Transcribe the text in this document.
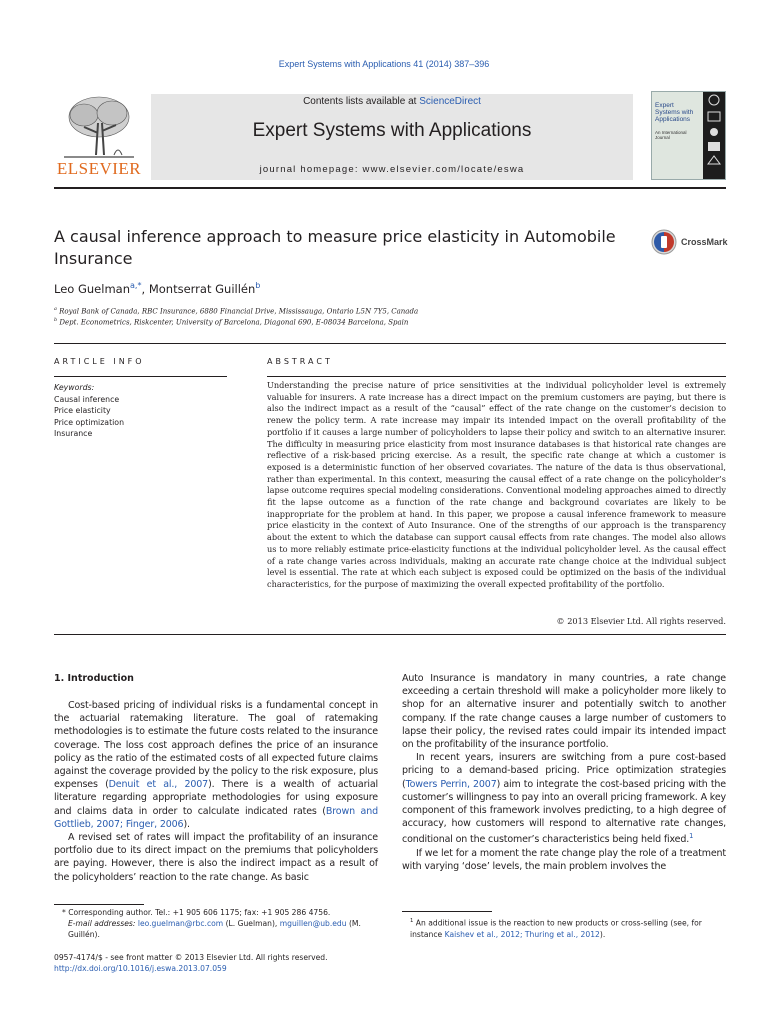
Expert Systems with Applications 41 (2014) 387–396
ELSEVIER
Contents lists available at ScienceDirect
Expert Systems with Applications
journal homepage: www.elsevier.com/locate/eswa
Expert Systems with Applications
An International Journal
A causal inference approach to measure price elasticity in Automobile Insurance
CrossMark
Leo Guelman$^{a,*}$, Montserrat Guillén$^b$
$^a$ Royal Bank of Canada, RBC Insurance, 6880 Financial Drive, Mississauga, Ontario L5N 7Y5, Canada
$^b$ Dept. Econometrics, Riskcenter, University of Barcelona, Diagonal 690, E-08034 Barcelona, Spain
ARTICLE INFO	ABSTRACT
Keywords:
Causal inference
Price elasticity
Price optimization
Insurance
Understanding the precise nature of price sensitivities at the individual policyholder level is extremely valuable for insurers. A rate increase has a direct impact on the premium customers are paying, but there is also the indirect impact as a result of the “causal” effect of the rate change on the customer’s decision to renew the policy term. A rate increase may impair its intended impact on the overall profitability of the portfolio if it causes a large number of policyholders to lapse their policy and switch to an alternative insurer. The difficulty in measuring price elasticity from most insurance databases is that historical rate changes are reflective of a risk-based pricing exercise. As a result, the specific rate change at which a customer is exposed is a deterministic function of her observed covariates. The nature of the data is thus observational, rather than experimental. In this context, measuring the causal effect of a rate change on the policyholder’s lapse outcome requires special modeling considerations. Conventional modeling approaches aimed to directly fit the lapse outcome as a function of the rate change and background covariates are likely to be inappropriate for the problem at hand. In this paper, we propose a causal inference framework to measure price elasticity in the context of Auto Insurance. One of the strengths of our approach is the transparency about the extent to which the database can support causal effects from rate changes. The model also allows us to more reliably estimate price-elasticity functions at the individual policyholder level. As the causal effect of a rate change varies across individuals, making an accurate rate change choice at the individual subject level is essential. The rate at which each subject is exposed could be optimized on the basis of the individual characteristics, for the purpose of maximizing the overall expected profitability of the portfolio.
© 2013 Elsevier Ltd. All rights reserved.
1. Introduction

Cost-based pricing of individual risks is a fundamental concept in the actuarial ratemaking literature. The goal of ratemaking methodologies is to estimate the future costs related to the insurance coverage. The loss cost approach defines the price of an insurance policy as the ratio of the estimated costs of all expected future claims against the coverage provided by the policy to the risk exposure, plus expenses (Denuit et al., 2007). There is a wealth of actuarial literature regarding appropriate methodologies for using exposure and claims data in order to calculate indicated rates (Brown and Gottlieb, 2007; Finger, 2006).

A revised set of rates will impact the profitability of an insurance portfolio due to its direct impact on the premiums that policyholders are paying. However, there is also the indirect impact as a result of the policyholders’ reaction to the rate change. As basic

Auto Insurance is mandatory in many countries, a rate change exceeding a certain threshold will make a policyholder more likely to shop for an alternative insurer and potentially switch to another company. If the rate change causes a large number of customers to lapse their policy, the revised rates could impair its intended impact on the profitability of the insurance portfolio.

In recent years, insurers are switching from a pure cost-based pricing to a demand-based pricing. Price optimization strategies (Towers Perrin, 2007) aim to integrate the cost-based pricing with the customer’s willingness to pay into an overall pricing framework. A key component of this framework involves predicting, to a high degree of accuracy, how customers will respond to alternative rate changes, conditional on the customer’s characteristics being held fixed.$^1$

If we let for a moment the rate change play the role of a treatment with varying ‘dose’ levels, the main problem involves the

* Corresponding author. Tel.: +1 905 606 1175; fax: +1 905 286 4756.
E-mail addresses: leo.guelman@rbc.com (L. Guelman), mguillen@ub.edu (M. Guillén).
$^1$ An additional issue is the reaction to new products or cross-selling (see, for instance Kaishev et al., 2012; Thuring et al., 2012).
0957-4174/$ - see front matter © 2013 Elsevier Ltd. All rights reserved.
http://dx.doi.org/10.1016/j.eswa.2013.07.059
